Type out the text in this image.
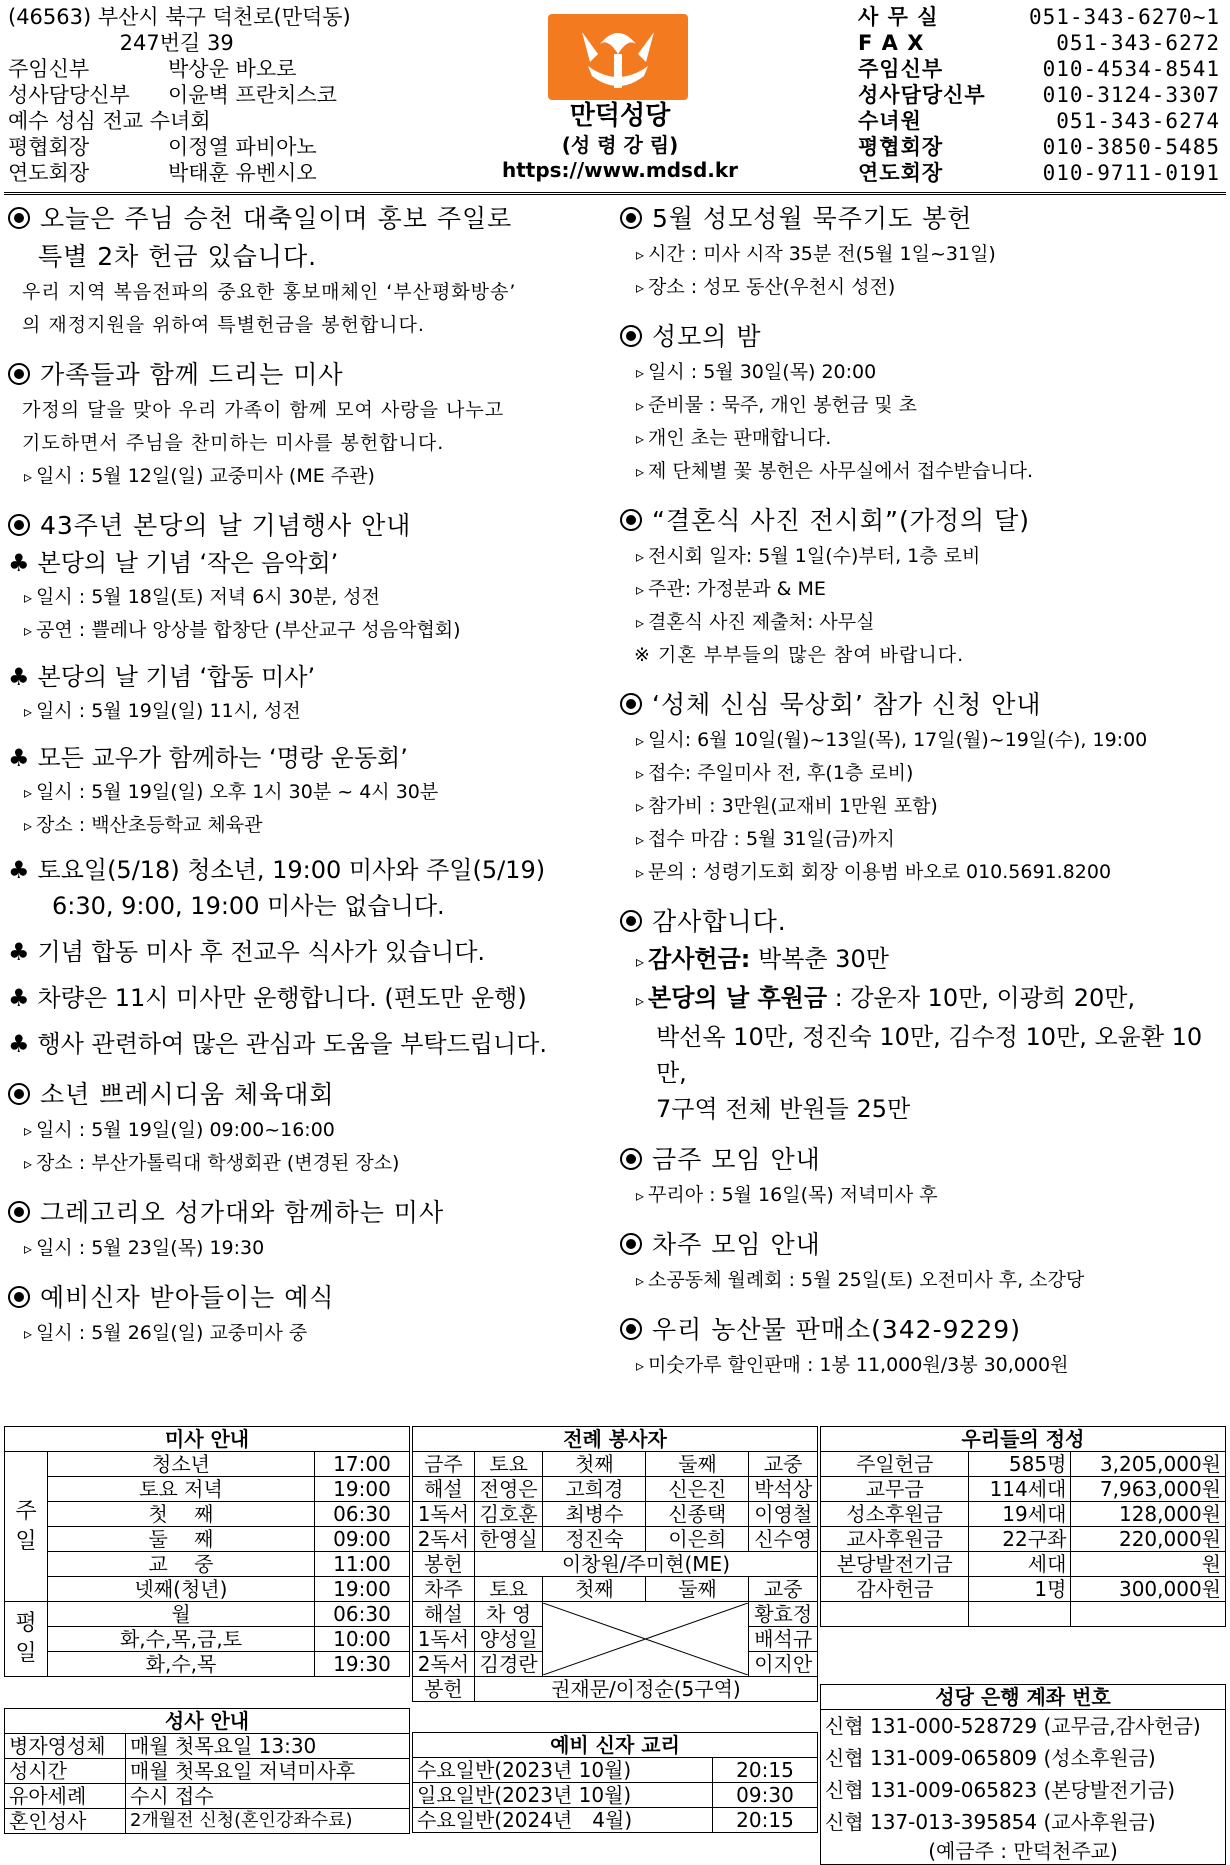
(46563) 부산시 북구 덕천로(만덕동)
　　　　　 247번길 39
주임신부	박상운 바오로
성사담당신부	이윤벽 프란치스코
예수 성심 전교 수녀회
평협회장	이정열 파비아노
연도회장	박태훈 유벤시오
만덕성당
(성 령 강 림)
https://www.mdsd.kr
사 무 실	051-343-6270~1
F A X	051-343-6272
주임신부	010-4534-8541
성사담당신부	010-3124-3307
수녀원	051-343-6274
평협회장	010-3850-5485
연도회장	010-9711-0191
오늘은 주님 승천 대축일이며 홍보 주일로
특별 2차 헌금 있습니다.
우리 지역 복음전파의 중요한 홍보매체인 ‘부산평화방송’
의 재정지원을 위하여 특별헌금을 봉헌합니다.
가족들과 함께 드리는 미사
가정의 달을 맞아 우리 가족이 함께 모여 사랑을 나누고
기도하면서 주님을 찬미하는 미사를 봉헌합니다.
▹ 일시 : 5월 12일(일) 교중미사 (ME 주관)
43주년 본당의 날 기념행사 안내
♣ 본당의 날 기념 ‘작은 음악회’
▹ 일시 : 5월 18일(토) 저녁 6시 30분, 성전
▹ 공연 : 쁠레나 앙상블 합창단 (부산교구 성음악협회)
♣ 본당의 날 기념 ‘합동 미사’
▹ 일시 : 5월 19일(일) 11시, 성전
♣ 모든 교우가 함께하는 ‘명랑 운동회’
▹ 일시 : 5월 19일(일) 오후 1시 30분 ~ 4시 30분
▹ 장소 : 백산초등학교 체육관
♣ 토요일(5/18) 청소년, 19:00 미사와 주일(5/19)
6:30, 9:00, 19:00 미사는 없습니다.
♣ 기념 합동 미사 후 전교우 식사가 있습니다.
♣ 차량은 11시 미사만 운행합니다. (편도만 운행)
♣ 행사 관련하여 많은 관심과 도움을 부탁드립니다.
소년 쁘레시디움 체육대회
▹ 일시 : 5월 19일(일) 09:00~16:00
▹ 장소 : 부산가톨릭대 학생회관 (변경된 장소)
그레고리오 성가대와 함께하는 미사
▹ 일시 : 5월 23일(목) 19:30
예비신자 받아들이는 예식
▹ 일시 : 5월 26일(일) 교중미사 중
5월 성모성월 묵주기도 봉헌
▹ 시간 : 미사 시작 35분 전(5월 1일~31일)
▹ 장소 : 성모 동산(우천시 성전)
성모의 밤
▹ 일시 : 5월 30일(목) 20:00
▹ 준비물 : 묵주, 개인 봉헌금 및 초
▹ 개인 초는 판매합니다.
▹ 제 단체별 꽃 봉헌은 사무실에서 접수받습니다.
“결혼식 사진 전시회”(가정의 달)
▹ 전시회 일자: 5월 1일(수)부터, 1층 로비
▹ 주관: 가정분과 & ME
▹ 결혼식 사진 제출처: 사무실
※ 기혼 부부들의 많은 참여 바랍니다.
‘성체 신심 묵상회’ 참가 신청 안내
▹ 일시: 6월 10일(월)~13일(목), 17일(월)~19일(수), 19:00
▹ 접수: 주일미사 전, 후(1층 로비)
▹ 참가비 : 3만원(교재비 1만원 포함)
▹ 접수 마감 : 5월 31일(금)까지
▹ 문의 : 성령기도회 회장 이용범 바오로 010.5691.8200
감사합니다.
▹ 감사헌금: 박복춘 30만
▹ 본당의 날 후원금 : 강운자 10만, 이광희 20만,
박선옥 10만, 정진숙 10만, 김수정 10만, 오윤환 10만,
7구역 전체 반원들 25만
금주 모임 안내
▹ 꾸리아 : 5월 16일(목) 저녁미사 후
차주 모임 안내
▹ 소공동체 월례회 : 5월 25일(토) 오전미사 후, 소강당
우리 농산물 판매소(342-9229)
▹ 미숫가루 할인판매 : 1봉 11,000원/3봉 30,000원
미사 안내		
주일	청소년	17:00
	토요 저녁	19:00
	첫　 째	06:30
	둘　 째	09:00
	교　 중	11:00
	넷째(청년)	19:00
평일	월	06:30
	화,수,목,금,토	10:00
	화,수,목	19:30
성사 안내	
병자영성체	매월 첫목요일 13:30
성시간	매월 첫목요일 저녁미사후
유아세례	수시 접수
혼인성사	2개월전 신청(혼인강좌수료)
전례 봉사자				
금주	토요	첫째	둘째	교중
해설	전영은	고희경	신은진	박석상
1독서	김호훈	최병수	신종택	이영철
2독서	한영실	정진숙	이은희	신수영
봉헌	이창원/주미현(ME)			
차주	토요	첫째	둘째	교중
해설	차 영			황효정
1독서	양성일			배석규
2독서	김경란			이지안
봉헌	권재문/이정순(5구역)			
예비 신자 교리	
수요일반(2023년 10월)	20:15
일요일반(2023년 10월)	09:30
수요일반(2024년　4월)	20:15
우리들의 정성		
주일헌금	585명	3,205,000원
교무금	114세대	7,963,000원
성소후원금	19세대	128,000원
교사후원금	22구좌	220,000원
본당발전기금	세대	원
감사헌금	1명	300,000원

성당 은행 계좌 번호
신협 131-000-528729 (교무금,감사헌금)
신협 131-009-065809 (성소후원금)
신협 131-009-065823 (본당발전기금)
신협 137-013-395854 (교사후원금)
(예금주 : 만덕천주교)
